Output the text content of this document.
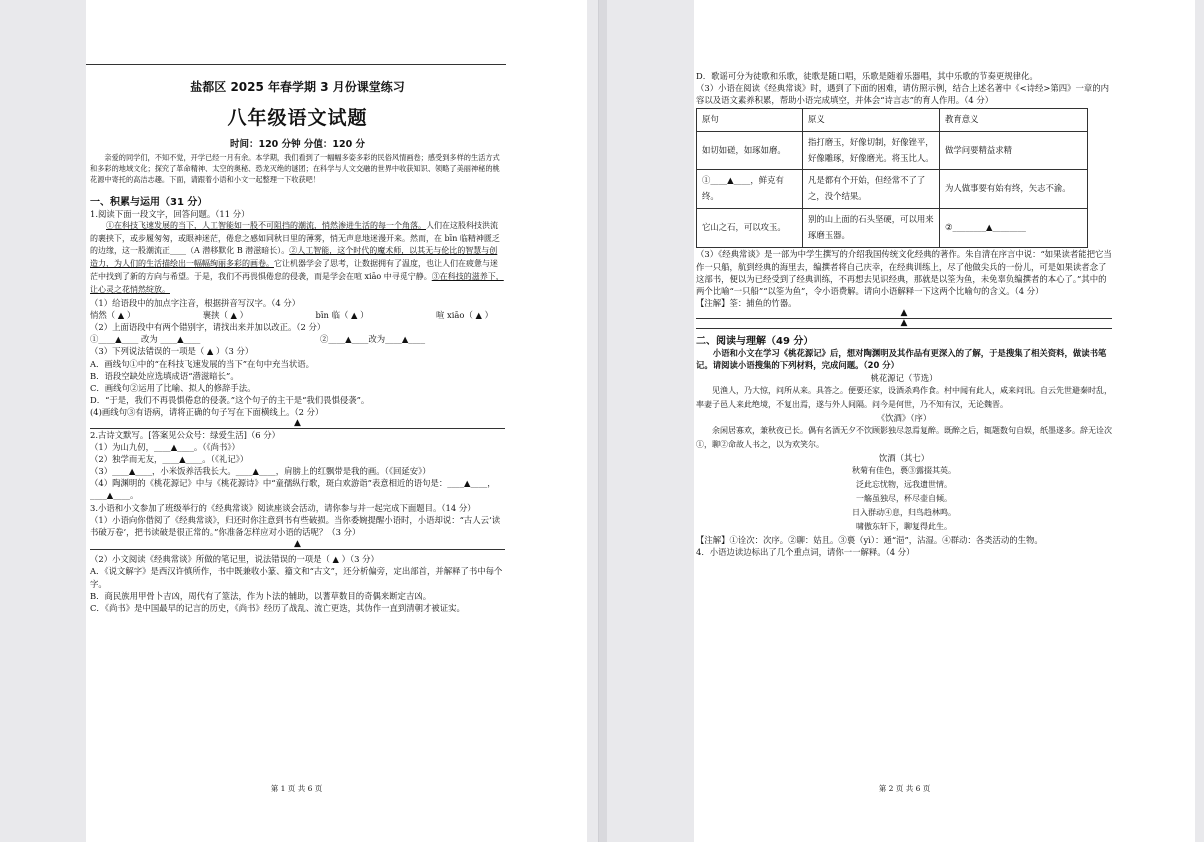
盐都区 2025 年春学期 3 月份课堂练习
八年级语文试题
时间：120 分钟 分值：120 分

亲爱的同学们，不知不觉，开学已经一月有余。本学期，我们看到了一幅幅多姿多彩的民俗风情画卷；感受到多样的生活方式和多彩的地域文化；探究了革命精神、太空的奥秘、恐龙灭绝的谜团；在科学与人文交融的世界中收获知识、领略了美丽神秘的桃花源中寄托的高洁志趣。下面，请跟着小语和小文一起整理一下收获吧！

一、积累与运用（31 分）

1.阅读下面一段文字，回答问题。（11 分）

①在科技飞速发展的当下，人工智能如一股不可阻挡的潮流，悄然渗进生活的每一个角落。人们在这股科技洪流的裹挟下，或步履匆匆，或眼神迷茫，倦怠之感如同秋日里的薄雾，悄无声息地迷漫开来。然而，在 bīn 临精神匮乏的边缘，这一股潮流正____（A 潜移默化 B 潜滋暗长）。②人工智能，这个时代的魔术师，以其无与伦比的智慧与创造力，为人们的生活描绘出一幅幅绚丽多彩的画卷。它让机器学会了思考，让数据拥有了温度，也让人们在疲惫与迷茫中找到了新的方向与希望。于是，我们不再畏惧倦怠的侵袭，而是学会在喧 xiāo 中寻觅宁静。③在科技的滋养下，让心灵之花悄然绽放。

（1）给语段中的加点字注音，根据拼音写汉字。（4 分）

悄然（ ▲ ）	裹挟（ ▲ ）	bīn 临（ ▲ ）	喧 xiāo（ ▲ ）

（2）上面语段中有两个错别字，请找出来并加以改正。（2 分）

①____▲____ 改为 ____▲____	②____▲____改为____▲____

（3）下列说法错误的一项是（ ▲ ）（3 分）

A．画线句①中的“在科技飞速发展的当下”在句中充当状语。

B．语段空缺处应选填成语“潜滋暗长”。

C．画线句②运用了比喻、拟人的修辞手法。

D．“于是，我们不再畏惧倦怠的侵袭。”这个句子的主干是“我们畏惧侵袭”。

(4)画线句③有语病，请将正确的句子写在下面横线上。（2 分）

▲

2.古诗文默写。[答案见公众号：绿爱生活]（6 分）

（1）为山九仞，____▲____。（《尚书》）

（2）独学而无友，____▲____。（《礼记》）

（3）____▲____，小米饭养活我长大。____▲____，肩膀上的红飘带是我的画。（《回延安》）

（4）陶渊明的《桃花源记》中与《桃花源诗》中“童孺纵行歌，斑白欢游诣”表意相近的语句是：____▲____，____▲____。

3.小语和小文参加了班级举行的《经典常谈》阅读座谈会活动，请你参与并一起完成下面题目。（14 分）

（1）小语向你借阅了《经典常谈》，归还时你注意到书有些破损。当你委婉提醒小语时，小语却说：“古人云‘读书破万卷’，把书读破是很正常的。”你准备怎样应对小语的话呢？（3 分）

▲

（2）小文阅读《经典常谈》所做的笔记里，说法错误的一项是（ ▲ ）（3 分）

A．《说文解字》是西汉许慎所作，书中既兼收小篆、籀文和“古文”，还分析偏旁，定出部首，并解释了书中每个字。

B．商民族用甲骨卜吉凶，周代有了筮法，作为卜法的辅助，以蓍草数目的奇偶来断定吉凶。

C．《尚书》是中国最早的记言的历史，《尚书》经历了战乱、流亡更迭，其伪作一直到清朝才被证实。

第 1 页 共 6 页

D．歌谣可分为徒歌和乐歌，徒歌是随口唱，乐歌是随着乐器唱，其中乐歌的节奏更规律化。

（3）小语在阅读《经典常谈》时，遇到了下面的困难，请仿照示例，结合上述名著中《<诗经>第四》一章的内容以及语文素养积累，帮助小语完成填空，并体会“诗言志”的育人作用。（4 分）

原句	原义	教育意义
如切如磋，如琢如磨。	指打磨玉，好像切制，好像锉平，好像雕琢，好像磨光。将玉比人。	做学问要精益求精
①____▲____，鲜克有终。	凡是都有个开始，但经常不了了之，没个结果。	为人做事要有始有终，矢志不渝。
它山之石，可以攻玉。	别的山上面的石头坚硬，可以用来琢磨玉器。	②________▲________

（3）《经典常谈》是一部为中学生撰写的介绍我国传统文化经典的著作。朱自清在序言中说：“如果读者能把它当作一只船，航到经典的海里去，编撰者将自己庆幸，在经典训练上，尽了他做尖兵的一份儿，可是如果读者念了这部书，便以为已经受到了经典训练，不再想去见识经典，那就是以筌为鱼，未免辜负编撰者的本心了。”其中的两个比喻“一只船”“以筌为鱼”，令小语费解。请向小语解释一下这两个比喻句的含义。（4 分）

【注解】筌：捕鱼的竹器。

▲
▲
二、阅读与理解（49 分）

小语和小文在学习《桃花源记》后，想对陶渊明及其作品有更深入的了解，于是搜集了相关资料，做读书笔记。请阅读小语搜集的下列材料，完成问题。（20 分）

桃花源记（节选）

见渔人，乃大惊，问所从来。具答之。便要还家，设酒杀鸡作食。村中闻有此人，咸来问讯。自云先世避秦时乱，率妻子邑人来此绝境，不复出焉，遂与外人间隔。问今是何世，乃不知有汉，无论魏晋。

《饮酒》（序）

余闲居寡欢，兼秋夜已长。偶有名酒无夕不饮顾影独尽忽焉复醉。既醉之后，辄题数句自娱，纸墨遂多。辞无诠次①，聊②命故人书之，以为欢笑尔。

饮酒（其七）
秋菊有佳色，裛③露掇其英。
泛此忘忧物，远我遗世情。
一觞虽独尽，杯尽壶自倾。
日入群动④息，归鸟趋林鸣。
啸傲东轩下，聊复得此生。

【注解】①诠次：次序。②聊：姑且。③裛（yì）：通“浥”，沾湿。④群动：各类活动的生物。

4．小语边读边标出了几个重点词，请你一一解释。（4 分）

第 2 页 共 6 页
